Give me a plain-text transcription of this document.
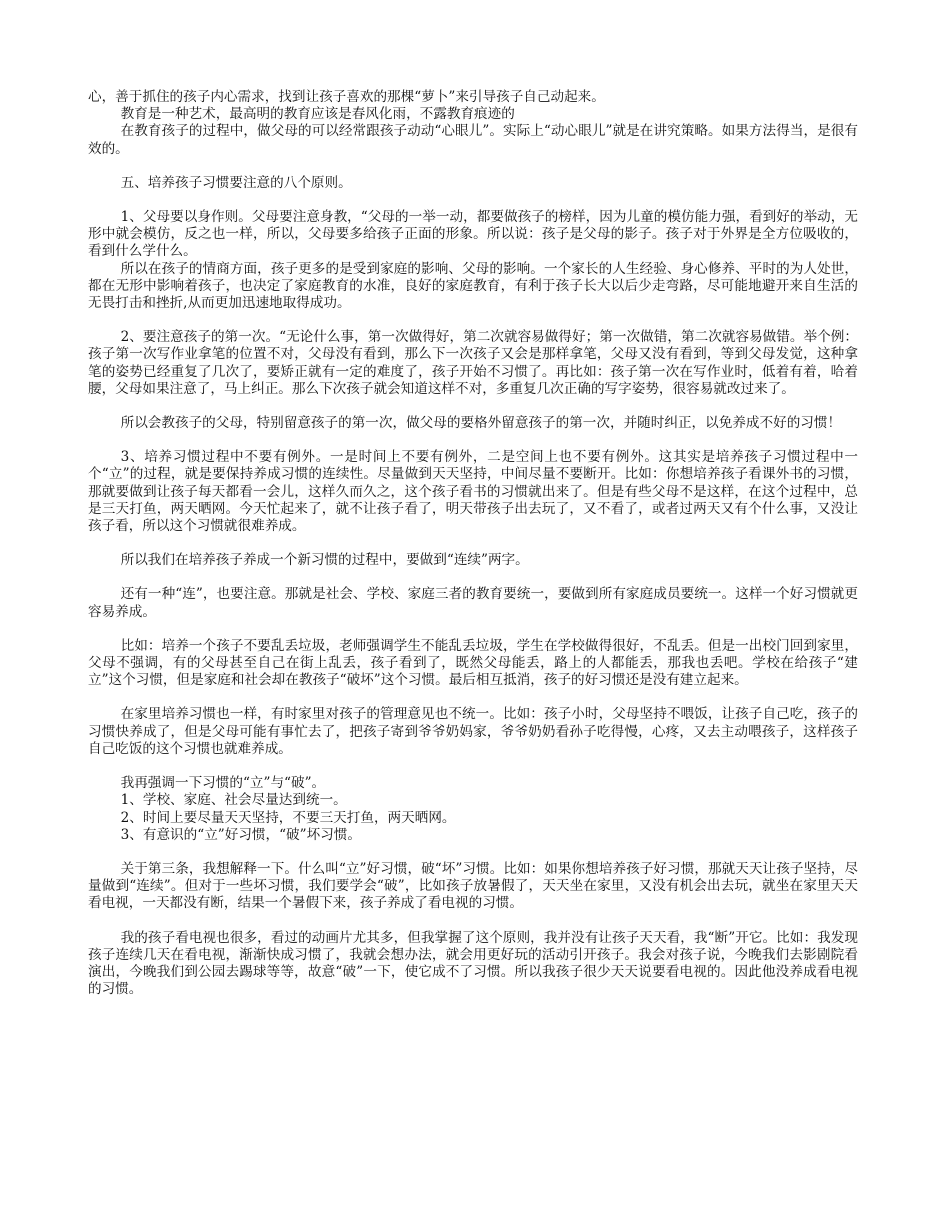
心，善于抓住的孩子内心需求，找到让孩子喜欢的那棵“萝卜”来引导孩子自己动起来。

教育是一种艺术，最高明的教育应该是春风化雨，不露教育痕迹的

在教育孩子的过程中，做父母的可以经常跟孩子动动“心眼儿”。实际上“动心眼儿”就是在讲究策略。如果方法得当，是很有效的。

五、培养孩子习惯要注意的八个原则。

1、父母要以身作则。父母要注意身教，“父母的一举一动，都要做孩子的榜样，因为儿童的模仿能力强，看到好的举动，无形中就会模仿，反之也一样，所以，父母要多给孩子正面的形象。所以说：孩子是父母的影子。孩子对于外界是全方位吸收的，看到什么学什么。

所以在孩子的情商方面，孩子更多的是受到家庭的影响、父母的影响。一个家长的人生经验、身心修养、平时的为人处世，都在无形中影响着孩子，也决定了家庭教育的水准，良好的家庭教育，有利于孩子长大以后少走弯路，尽可能地避开来自生活的无畏打击和挫折,从而更加迅速地取得成功。

2、要注意孩子的第一次。“无论什么事，第一次做得好，第二次就容易做得好；第一次做错，第二次就容易做错。举个例：孩子第一次写作业拿笔的位置不对，父母没有看到，那么下一次孩子又会是那样拿笔，父母又没有看到，等到父母发觉，这种拿笔的姿势已经重复了几次了，要矫正就有一定的难度了，孩子开始不习惯了。再比如：孩子第一次在写作业时，低着有着，哈着腰，父母如果注意了，马上纠正。那么下次孩子就会知道这样不对，多重复几次正确的写字姿势，很容易就改过来了。

所以会教孩子的父母，特别留意孩子的第一次，做父母的要格外留意孩子的第一次，并随时纠正，以免养成不好的习惯！

3、培养习惯过程中不要有例外。一是时间上不要有例外，二是空间上也不要有例外。这其实是培养孩子习惯过程中一个“立”的过程，就是要保持养成习惯的连续性。尽量做到天天坚持，中间尽量不要断开。比如：你想培养孩子看课外书的习惯，那就要做到让孩子每天都看一会儿，这样久而久之，这个孩子看书的习惯就出来了。但是有些父母不是这样，在这个过程中，总是三天打鱼，两天晒网。今天忙起来了，就不让孩子看了，明天带孩子出去玩了，又不看了，或者过两天又有个什么事，又没让孩子看，所以这个习惯就很难养成。

所以我们在培养孩子养成一个新习惯的过程中，要做到“连续”两字。

还有一种“连”，也要注意。那就是社会、学校、家庭三者的教育要统一，要做到所有家庭成员要统一。这样一个好习惯就更容易养成。

比如：培养一个孩子不要乱丢垃圾，老师强调学生不能乱丢垃圾，学生在学校做得很好，不乱丢。但是一出校门回到家里，父母不强调，有的父母甚至自己在街上乱丢，孩子看到了，既然父母能丢，路上的人都能丢，那我也丢吧。学校在给孩子“建立”这个习惯，但是家庭和社会却在教孩子“破坏”这个习惯。最后相互抵消，孩子的好习惯还是没有建立起来。

在家里培养习惯也一样，有时家里对孩子的管理意见也不统一。比如：孩子小时，父母坚持不喂饭，让孩子自己吃，孩子的习惯快养成了，但是父母可能有事忙去了，把孩子寄到爷爷奶妈家，爷爷奶奶看孙子吃得慢，心疼，又去主动喂孩子，这样孩子自己吃饭的这个习惯也就难养成。

我再强调一下习惯的“立”与“破”。

1、学校、家庭、社会尽量达到统一。

2、时间上要尽量天天坚持，不要三天打鱼，两天晒网。

3、有意识的“立”好习惯，“破”坏习惯。

关于第三条，我想解释一下。什么叫“立”好习惯，破“坏”习惯。比如：如果你想培养孩子好习惯，那就天天让孩子坚持，尽量做到“连续”。但对于一些坏习惯，我们要学会“破”，比如孩子放暑假了，天天坐在家里，又没有机会出去玩，就坐在家里天天看电视，一天都没有断，结果一个暑假下来，孩子养成了看电视的习惯。

我的孩子看电视也很多，看过的动画片尤其多，但我掌握了这个原则，我并没有让孩子天天看，我“断”开它。比如：我发现孩子连续几天在看电视，渐渐快成习惯了，我就会想办法，就会用更好玩的活动引开孩子。我会对孩子说，今晚我们去影剧院看演出，今晚我们到公园去踢球等等，故意“破”一下，使它成不了习惯。所以我孩子很少天天说要看电视的。因此他没养成看电视的习惯。
